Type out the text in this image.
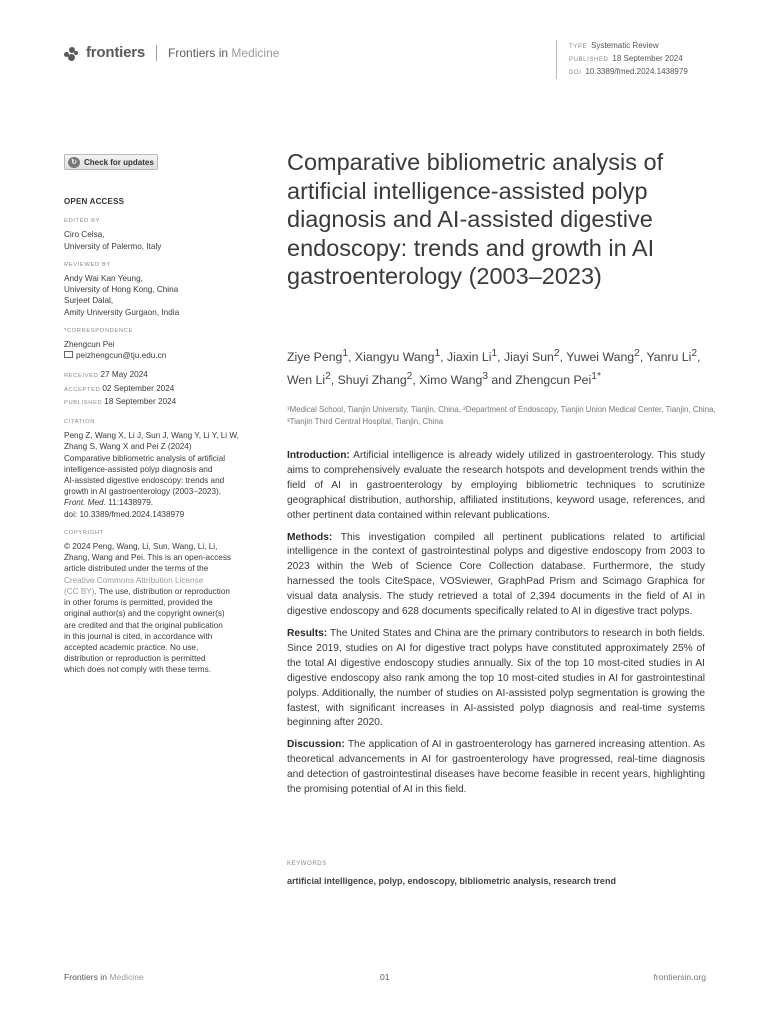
frontiers Frontiers in Medicine	TYPE Systematic Review
PUBLISHED 18 September 2024
DOI 10.3389/fmed.2024.1438979
↻ Check for updates
OPEN ACCESS
EDITED BY
Ciro Celsa,
University of Palermo, Italy
REVIEWED BY
Andy Wai Kan Yeung,
University of Hong Kong, China
Surjeet Dalal,
Amity University Gurgaon, India
*CORRESPONDENCE
Zhengcun Pei
peizhengcun@tju.edu.cn
RECEIVED 27 May 2024
ACCEPTED 02 September 2024
PUBLISHED 18 September 2024
CITATION
Peng Z, Wang X, Li J, Sun J, Wang Y, Li Y, Li W,
Zhang S, Wang X and Pei Z (2024)
Comparative bibliometric analysis of artificial
intelligence-assisted polyp diagnosis and
AI-assisted digestive endoscopy: trends and
growth in AI gastroenterology (2003–2023).
Front. Med. 11:1438979.
doi: 10.3389/fmed.2024.1438979
COPYRIGHT
© 2024 Peng, Wang, Li, Sun, Wang, Li, Li,
Zhang, Wang and Pei. This is an open-access
article distributed under the terms of the
Creative Commons Attribution License
(CC BY). The use, distribution or reproduction
in other forums is permitted, provided the
original author(s) and the copyright owner(s)
are credited and that the original publication
in this journal is cited, in accordance with
accepted academic practice. No use,
distribution or reproduction is permitted
which does not comply with these terms.
Comparative bibliometric analysis of artificial intelligence-assisted polyp diagnosis and AI-assisted digestive endoscopy: trends and growth in AI gastroenterology (2003–2023)
Ziye Peng$^1$, Xiangyu Wang$^1$, Jiaxin Li$^1$, Jiayi Sun$^2$, Yuwei Wang$^2$, Yanru Li$^2$, Wen Li$^2$, Shuyi Zhang$^2$, Ximo Wang$^3$ and Zhengcun Pei$^{1*}$
¹Medical School, Tianjin University, Tianjin, China, ²Department of Endoscopy, Tianjin Union Medical Center, Tianjin, China, ³Tianjin Third Central Hospital, Tianjin, China

Introduction: Artificial intelligence is already widely utilized in gastroenterology. This study aims to comprehensively evaluate the research hotspots and development trends within the field of AI in gastroenterology by employing bibliometric techniques to scrutinize geographical distribution, authorship, affiliated institutions, keyword usage, references, and other pertinent data contained within relevant publications.

Methods: This investigation compiled all pertinent publications related to artificial intelligence in the context of gastrointestinal polyps and digestive endoscopy from 2003 to 2023 within the Web of Science Core Collection database. Furthermore, the study harnessed the tools CiteSpace, VOSviewer, GraphPad Prism and Scimago Graphica for visual data analysis. The study retrieved a total of 2,394 documents in the field of AI in digestive endoscopy and 628 documents specifically related to AI in digestive tract polyps.

Results: The United States and China are the primary contributors to research in both fields. Since 2019, studies on AI for digestive tract polyps have constituted approximately 25% of the total AI digestive endoscopy studies annually. Six of the top 10 most-cited studies in AI digestive endoscopy also rank among the top 10 most-cited studies in AI for gastrointestinal polyps. Additionally, the number of studies on AI-assisted polyp segmentation is growing the fastest, with significant increases in AI-assisted polyp diagnosis and real-time systems beginning after 2020.

Discussion: The application of AI in gastroenterology has garnered increasing attention. As theoretical advancements in AI for gastroenterology have progressed, real-time diagnosis and detection of gastrointestinal diseases have become feasible in recent years, highlighting the promising potential of AI in this field.

KEYWORDS
artificial intelligence, polyp, endoscopy, bibliometric analysis, research trend
Frontiers in Medicine	01	frontiersin.org
